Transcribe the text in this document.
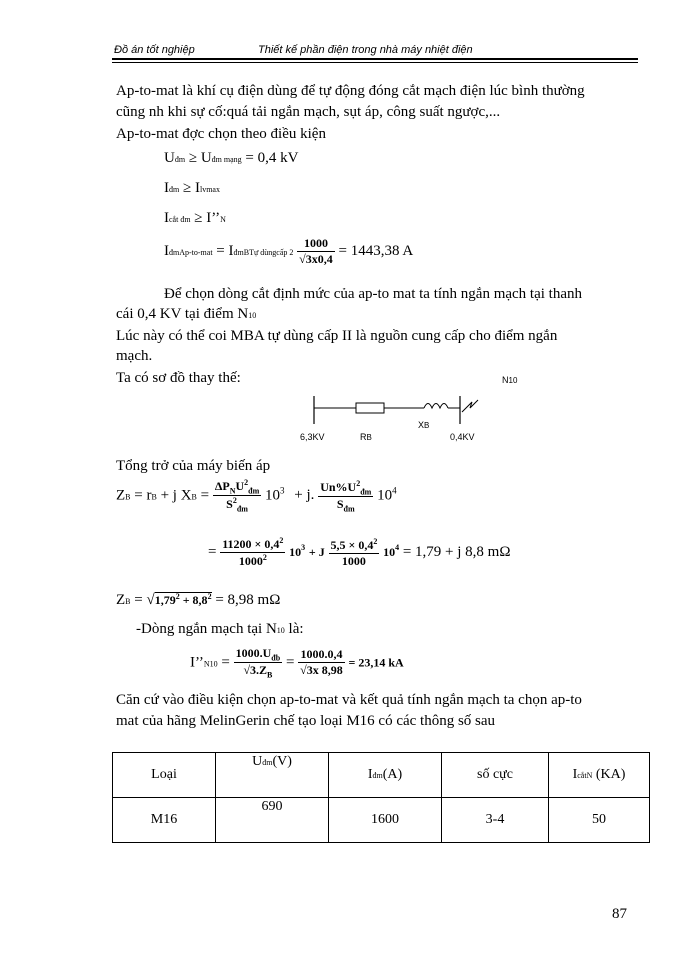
Đồ án tốt nghiệp	Thiết kế phần điện trong nhà máy nhiệt điện
Ap-to-mat là khí cụ điện dùng để tự động đóng cắt mạch điện lúc bình thường
cũng nh khi sự cố:quá tải ngắn mạch, sụt áp, công suất ngược,...
Ap-to-mat đợc chọn theo điều kiện
Uđm ≥ Uđm mạng = 0,4 kV
Iđm ≥ Ilvmax
Icắt đm ≥ I’’N
IđmAp-to-mat = IđmBTự dùngcấp $2 \frac{1000}{√3x0,4} = 1443,38$ A
Để chọn dòng cắt định mức của ap-to mat ta tính ngắn mạch tại thanh
cái 0,4 KV tại điểm N10
Lúc này có thể coi MBA tự dùng cấp II là nguồn cung cấp cho điểm ngắn
mạch.
Ta có sơ đồ thay thế:	N10
6,3KV	RB
XB
0,4KV
Tổng trở của máy biến áp
ZB = rB + j XB = $\frac{\Delta P_NU^2_{đm}}{S^2_{đm}} 10^3 + j$. $\frac{Un\%U^2_{đm}}{S_{đm}} 10^4$
= $\frac{11200 \times 0,4^2}{1000^2} 10^3 + J \frac{5,5 \times 0,4^2}{1000} 10^4 = 1,79 + j$ 8,8 mΩ
ZB = $√1,79^2 + 8,8^2 = 8,98$ mΩ
-Dòng ngắn mạch tại N10 là:
I’’N10 = $\frac{1000.U_{đb}}{√3.Z_B} = \frac{1000.0,4}{√3x 8,98} = 23,14$ kA
Căn cứ vào điều kiện chọn ap-to-mat và kết quả tính ngắn mạch ta chọn ap-to
mat của hãng MelinGerin chế tạo loại M16 có các thông số sau
Loại	Uđm(V)	Iđm(A)	số cực	IcắtN (KA)
M16	690	1600	3-4	50
87
